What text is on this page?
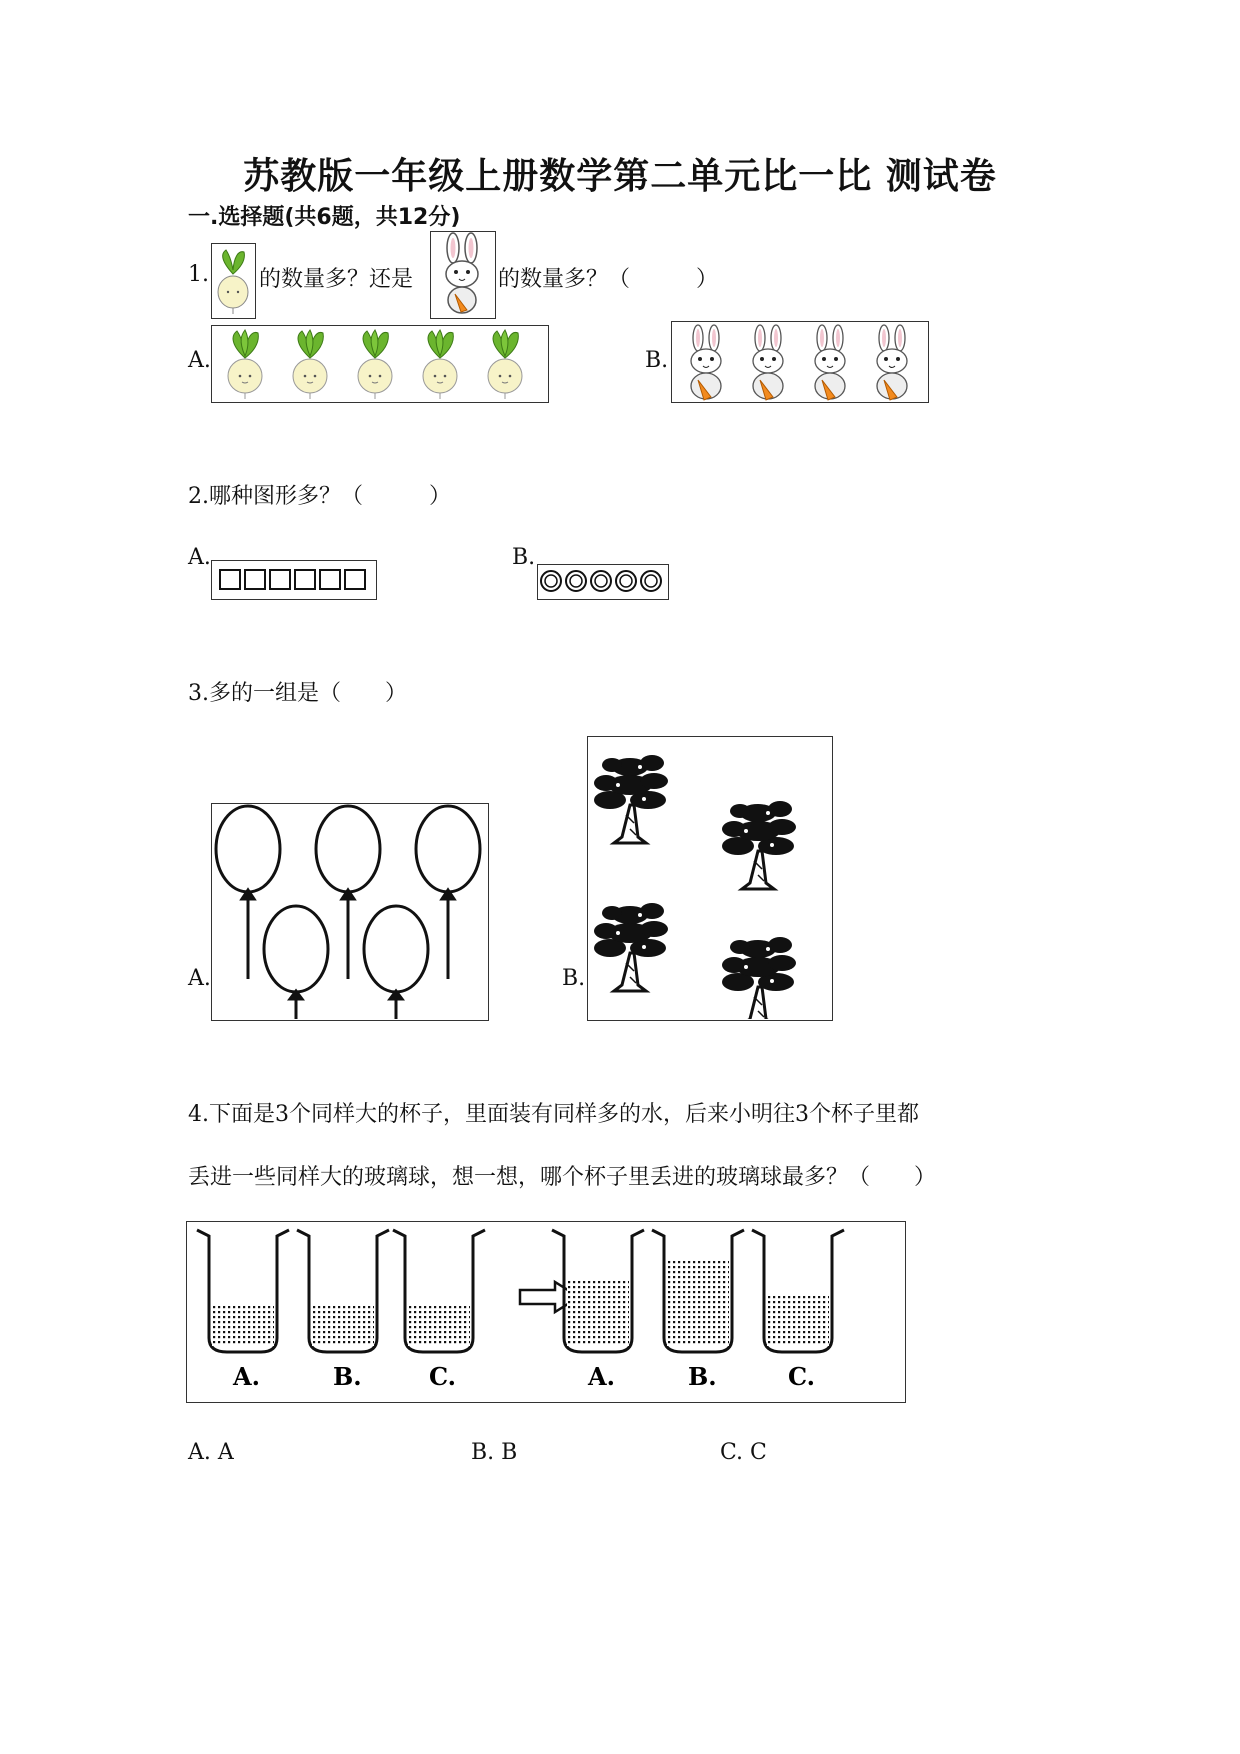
苏教版一年级上册数学第二单元比一比 测试卷
一.选择题(共6题，共12分)
1. 的数量多？还是	的数量多？（　　　）
A.	B.
2.哪种图形多？（　　　）
A.	B.
3.多的一组是（　　）
A.	B.
4.下面是3个同样大的杯子，里面装有同样多的水，后来小明往3个杯子里都
丢进一些同样大的玻璃球，想一想，哪个杯子里丢进的玻璃球最多？（　　）
A.	B.	C.	A.	B.	C.
A. A	B. B	C. C
